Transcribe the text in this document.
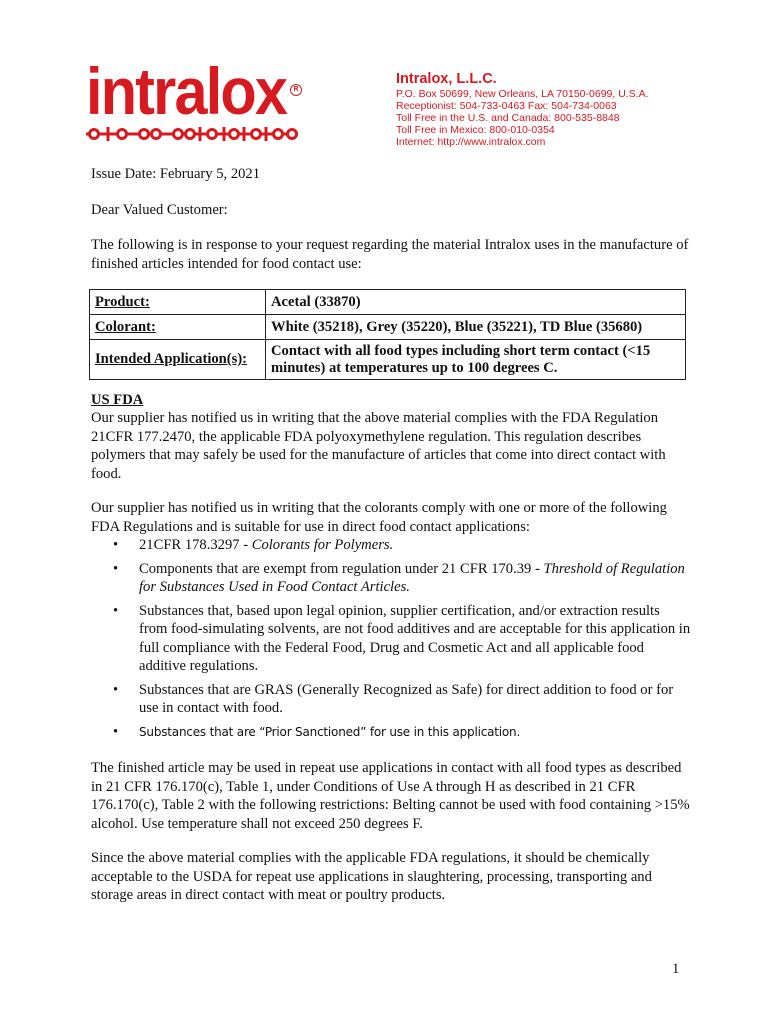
intralox	R
Intralox, L.L.C.
P.O. Box 50699, New Orleans, LA 70150-0699, U.S.A.
Receptionist: 504-733-0463 Fax: 504-734-0063
Toll Free in the U.S. and Canada: 800-535-8848
Toll Free in Mexico: 800-010-0354
Internet: http://www.intralox.com
Issue Date: February 5, 2021
Dear Valued Customer:
The following is in response to your request regarding the material Intralox uses in the manufacture of finished articles intended for food contact use:
Product:	Acetal (33870)
Colorant:	White (35218), Grey (35220), Blue (35221), TD Blue (35680)
Intended Application(s):	Contact with all food types including short term contact (<15 minutes) at temperatures up to 100 degrees C.
US FDA
Our supplier has notified us in writing that the above material complies with the FDA Regulation 21CFR 177.2470, the applicable FDA polyoxymethylene regulation. This regulation describes polymers that may safely be used for the manufacture of articles that come into direct contact with food.
Our supplier has notified us in writing that the colorants comply with one or more of the following FDA Regulations and is suitable for use in direct food contact applications:
•	21CFR 178.3297 - Colorants for Polymers.
•	Components that are exempt from regulation under 21 CFR 170.39 - Threshold of Regulation for Substances Used in Food Contact Articles.
•	Substances that, based upon legal opinion, supplier certification, and/or extraction results from food-simulating solvents, are not food additives and are acceptable for this application in full compliance with the Federal Food, Drug and Cosmetic Act and all applicable food additive regulations.
•	Substances that are GRAS (Generally Recognized as Safe) for direct addition to food or for use in contact with food.
•	Substances that are “Prior Sanctioned” for use in this application.
The finished article may be used in repeat use applications in contact with all food types as described in 21 CFR 176.170(c), Table 1, under Conditions of Use A through H as described in 21 CFR 176.170(c), Table 2 with the following restrictions: Belting cannot be used with food containing >15% alcohol. Use temperature shall not exceed 250 degrees F.
Since the above material complies with the applicable FDA regulations, it should be chemically acceptable to the USDA for repeat use applications in slaughtering, processing, transporting and storage areas in direct contact with meat or poultry products.
1
